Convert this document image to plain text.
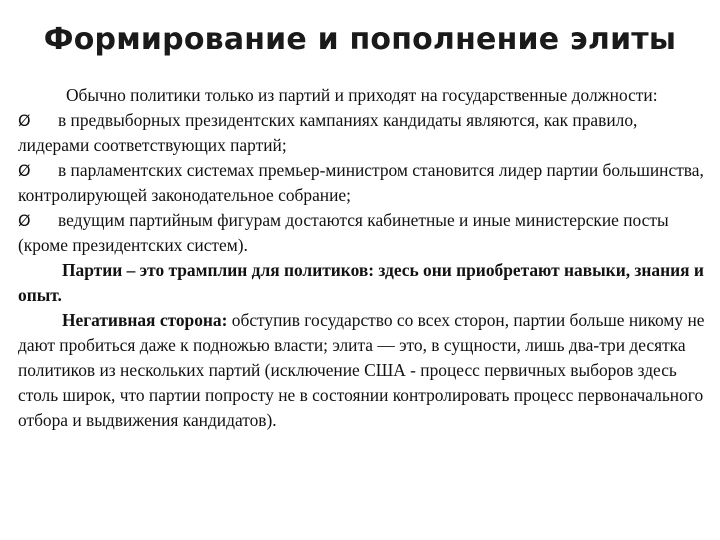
Формирование и пополнение элиты

Обычно политики только из партий и приходят на государственные должности:

Ø в предвыборных президентских кампаниях кандидаты являются, как правило, лидерами соответствующих партий;

Ø в парламентских системах премьер-министром становится лидер партии большинства, контролирующей законодательное собрание;

Ø ведущим партийным фигурам достаются кабинетные и иные министерские посты (кроме президентских систем).

Партии – это трамплин для политиков: здесь они приобретают навыки, знания и опыт.

Негативная сторона: обступив государство со всех сторон, партии больше никому не дают пробиться даже к подножью власти; элита — это, в сущности, лишь два-три десятка политиков из нескольких партий (исключение США - процесс первичных выборов здесь столь широк, что партии попросту не в состоянии контролировать процесс первоначального отбора и выдвижения кандидатов).
